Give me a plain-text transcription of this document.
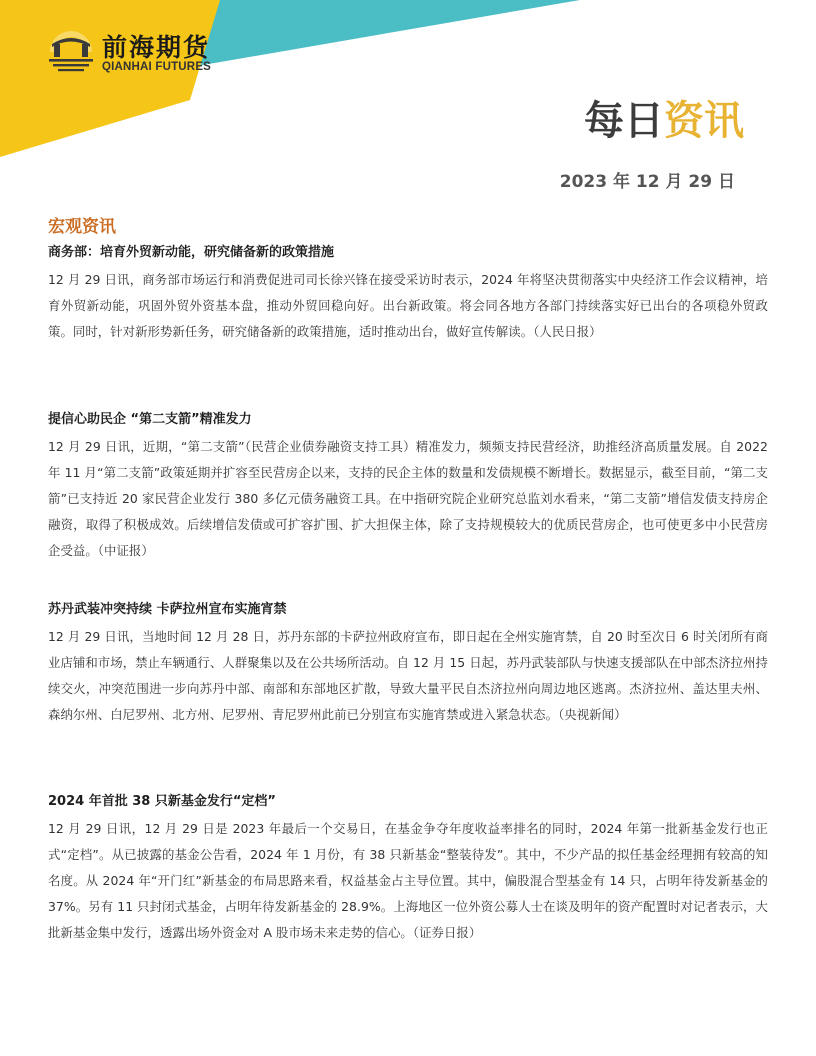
前海期货
QIANHAI FUTURES
每日资讯
2023 年 12 月 29 日
宏观资讯
商务部：培育外贸新动能，研究储备新的政策措施
12 月 29 日讯，商务部市场运行和消费促进司司长徐兴锋在接受采访时表示，2024 年将坚决贯彻落实中央经济工作会议精神，培育外贸新动能，巩固外贸外资基本盘，推动外贸回稳向好。出台新政策。将会同各地方各部门持续落实好已出台的各项稳外贸政策。同时，针对新形势新任务，研究储备新的政策措施，适时推动出台，做好宣传解读。（人民日报）
提信心助民企 “第二支箭”精准发力
12 月 29 日讯，近期，“第二支箭”（民营企业债券融资支持工具）精准发力，频频支持民营经济，助推经济高质量发展。自 2022 年 11 月“第二支箭”政策延期并扩容至民营房企以来，支持的民企主体的数量和发债规模不断增长。数据显示，截至目前，“第二支箭”已支持近 20 家民营企业发行 380 多亿元债务融资工具。在中指研究院企业研究总监刘水看来，“第二支箭”增信发债支持房企融资，取得了积极成效。后续增信发债或可扩容扩围、扩大担保主体，除了支持规模较大的优质民营房企，也可使更多中小民营房企受益。（中证报）
苏丹武装冲突持续 卡萨拉州宣布实施宵禁
12 月 29 日讯，当地时间 12 月 28 日，苏丹东部的卡萨拉州政府宣布，即日起在全州实施宵禁，自 20 时至次日 6 时关闭所有商业店铺和市场，禁止车辆通行、人群聚集以及在公共场所活动。自 12 月 15 日起，苏丹武装部队与快速支援部队在中部杰济拉州持续交火，冲突范围进一步向苏丹中部、南部和东部地区扩散，导致大量平民自杰济拉州向周边地区逃离。杰济拉州、盖达里夫州、森纳尔州、白尼罗州、北方州、尼罗州、青尼罗州此前已分别宣布实施宵禁或进入紧急状态。（央视新闻）
2024 年首批 38 只新基金发行“定档”
12 月 29 日讯，12 月 29 日是 2023 年最后一个交易日，在基金争夺年度收益率排名的同时，2024 年第一批新基金发行也正式“定档”。从已披露的基金公告看，2024 年 1 月份，有 38 只新基金“整装待发”。其中，不少产品的拟任基金经理拥有较高的知名度。从 2024 年“开门红”新基金的布局思路来看，权益基金占主导位置。其中，偏股混合型基金有 14 只，占明年待发新基金的 37%。另有 11 只封闭式基金，占明年待发新基金的 28.9%。上海地区一位外资公募人士在谈及明年的资产配置时对记者表示，大批新基金集中发行，透露出场外资金对 A 股市场未来走势的信心。（证券日报）
